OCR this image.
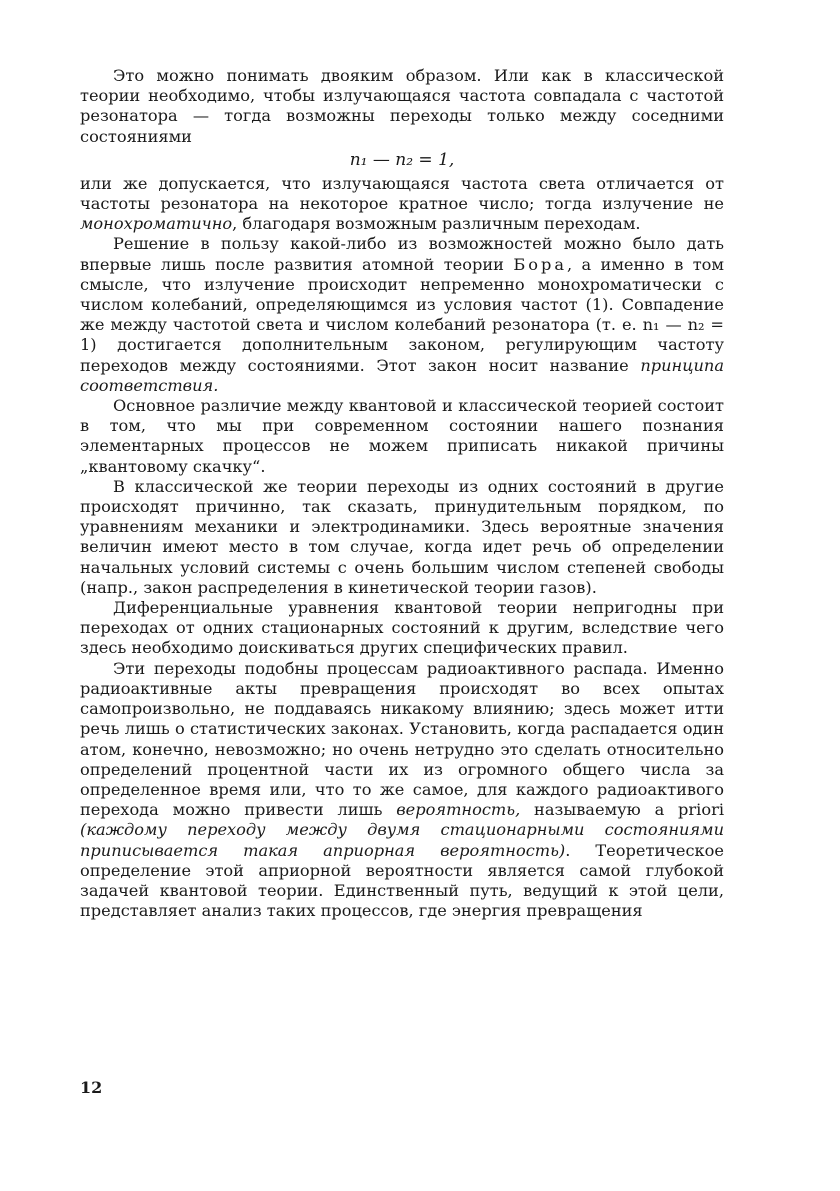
Это можно понимать двояким образом. Или как в классической теории необходимо, чтобы излучающаяся частота совпадала с частотой резонатора — тогда возможны переходы только между соседними состояниями

n₁ — n₂ = 1,

или же допускается, что излучающаяся частота света отличается от частоты резонатора на некоторое кратное число; тогда излучение не монохроматично, благодаря возможным различным переходам.

Решение в пользу какой-либо из возможностей можно было дать впервые лишь после развития атомной теории Бора, а именно в том смысле, что излучение происходит непременно монохроматически с числом колебаний, определяющимся из условия частот (1). Совпадение же между частотой света и числом колебаний резонатора (т. е. n₁ — n₂ = 1) достигается дополнительным законом, регулирующим частоту переходов между состояниями. Этот закон носит название принципа соответствия.

Основное различие между квантовой и классической теорией состоит в том, что мы при современном состоянии нашего познания элементарных процессов не можем приписать никакой причины „квантовому скачку“.

В классической же теории переходы из одних состояний в другие происходят причинно, так сказать, принудительным порядком, по уравнениям механики и электродинамики. Здесь вероятные значения величин имеют место в том случае, когда идет речь об определении начальных условий системы с очень большим числом степеней свободы (напр., закон распределения в кинетической теории газов).

Диференциальные уравнения квантовой теории непригодны при переходах от одних стационарных состояний к другим, вследствие чего здесь необходимо доискиваться других специфических правил.

Эти переходы подобны процессам радиоактивного распада. Именно радиоактивные акты превращения происходят во всех опытах самопроизвольно, не поддаваясь никакому влиянию; здесь может итти речь лишь о статистических законах. Установить, когда распадается один атом, конечно, невозможно; но очень нетрудно это сделать относительно определений процентной части их из огромного общего числа за определенное время или, что то же самое, для каждого радиоактивого перехода можно привести лишь вероятность, называемую a priori (каждому переходу между двумя стационарными состояниями приписывается такая априорная вероятность). Теоретическое определение этой априорной вероятности является самой глубокой задачей квантовой теории. Единственный путь, ведущий к этой цели, представляет анализ таких процессов, где энергия превращения

12
